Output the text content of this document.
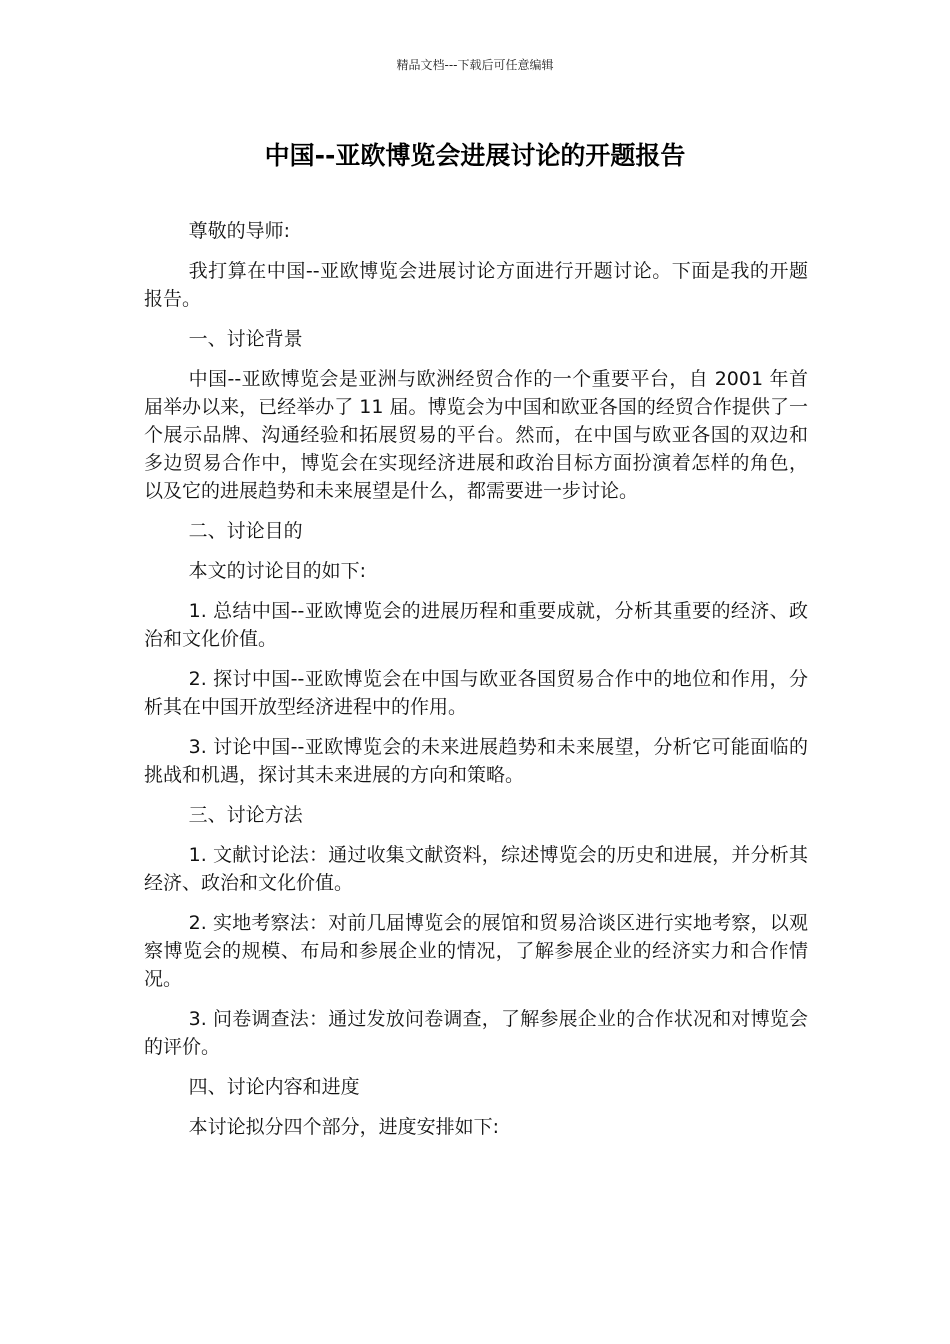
精品文档---下载后可任意编辑
中国--亚欧博览会进展讨论的开题报告

尊敬的导师:

我打算在中国--亚欧博览会进展讨论方面进行开题讨论。下面是我的开题报告。

一、讨论背景

中国--亚欧博览会是亚洲与欧洲经贸合作的一个重要平台，自 2001 年首届举办以来，已经举办了 11 届。博览会为中国和欧亚各国的经贸合作提供了一个展示品牌、沟通经验和拓展贸易的平台。然而，在中国与欧亚各国的双边和多边贸易合作中，博览会在实现经济进展和政治目标方面扮演着怎样的角色，以及它的进展趋势和未来展望是什么，都需要进一步讨论。

二、讨论目的

本文的讨论目的如下:

1. 总结中国--亚欧博览会的进展历程和重要成就，分析其重要的经济、政治和文化价值。

2. 探讨中国--亚欧博览会在中国与欧亚各国贸易合作中的地位和作用，分析其在中国开放型经济进程中的作用。

3. 讨论中国--亚欧博览会的未来进展趋势和未来展望，分析它可能面临的挑战和机遇，探讨其未来进展的方向和策略。

三、讨论方法

1. 文献讨论法：通过收集文献资料，综述博览会的历史和进展，并分析其经济、政治和文化价值。

2. 实地考察法：对前几届博览会的展馆和贸易洽谈区进行实地考察，以观察博览会的规模、布局和参展企业的情况，了解参展企业的经济实力和合作情况。

3. 问卷调查法：通过发放问卷调查，了解参展企业的合作状况和对博览会的评价。

四、讨论内容和进度

本讨论拟分四个部分，进度安排如下:
